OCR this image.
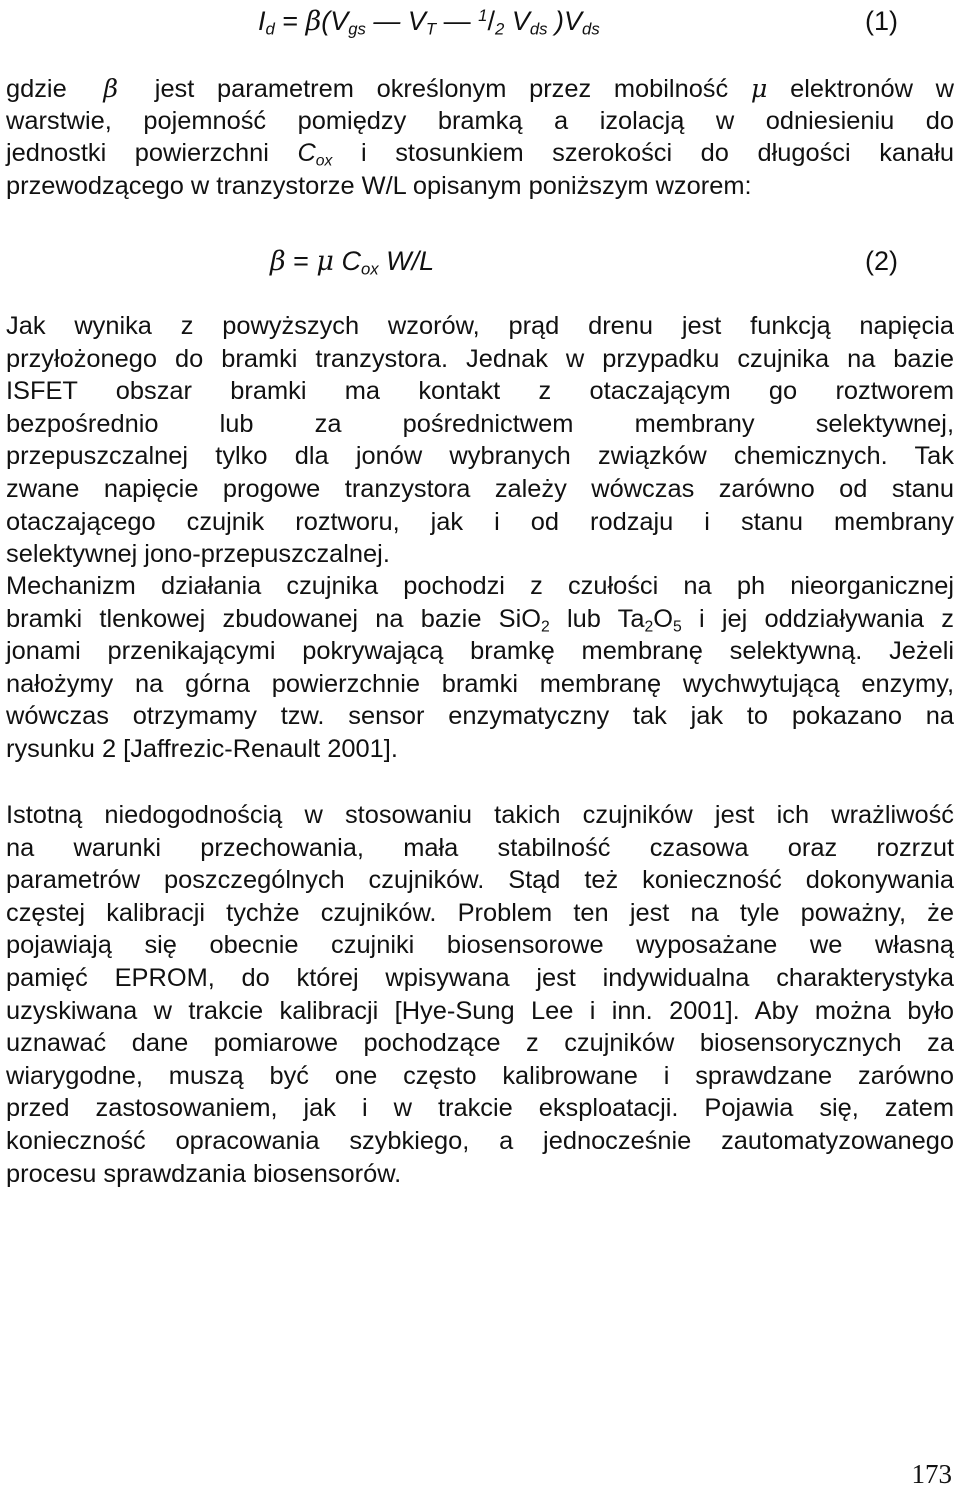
$I_d = \beta(V_{gs}$ — $V_T$ — $^1/_2$ $V_{ds}$ )$V_{ds}$	(1)
gdzie β jest parametrem określonym przez mobilność μ elektronów w
warstwie, pojemność pomiędzy bramką a izolacją w odniesieniu do
jednostki powierzchni $C_{ox}$ i stosunkiem szerokości do długości kanału
przewodzącego w tranzystorze W/L opisanym poniższym wzorem:
β = μ $C_{ox}$ W/L	(2)
Jak wynika z powyższych wzorów, prąd drenu jest funkcją napięcia
przyłożonego do bramki tranzystora. Jednak w przypadku czujnika na bazie
ISFET obszar bramki ma kontakt z otaczającym go roztworem
bezpośrednio lub za pośrednictwem membrany selektywnej,
przepuszczalnej tylko dla jonów wybranych związków chemicznych. Tak
zwane napięcie progowe tranzystora zależy wówczas zarówno od stanu
otaczającego czujnik roztworu, jak i od rodzaju i stanu membrany
selektywnej jono-przepuszczalnej.
Mechanizm działania czujnika pochodzi z czułości na ph nieorganicznej
bramki tlenkowej zbudowanej na bazie SiO$_2$ lub $Ta_2O_5$ i jej oddziaływania z
jonami przenikającymi pokrywającą bramkę membranę selektywną. Jeżeli
nałożymy na górna powierzchnie bramki membranę wychwytującą enzymy,
wówczas otrzymamy tzw. sensor enzymatyczny tak jak to pokazano na
rysunku 2 [Jaffrezic-Renault 2001].
Istotną niedogodnością w stosowaniu takich czujników jest ich wrażliwość
na warunki przechowania, mała stabilność czasowa oraz rozrzut
parametrów poszczególnych czujników. Stąd też konieczność dokonywania
częstej kalibracji tychże czujników. Problem ten jest na tyle poważny, że
pojawiają się obecnie czujniki biosensorowe wyposażane we własną
pamięć EPROM, do której wpisywana jest indywidualna charakterystyka
uzyskiwana w trakcie kalibracji [Hye-Sung Lee i inn. 2001]. Aby można było
uznawać dane pomiarowe pochodzące z czujników biosensorycznych za
wiarygodne, muszą być one często kalibrowane i sprawdzane zarówno
przed zastosowaniem, jak i w trakcie eksploatacji. Pojawia się, zatem
konieczność opracowania szybkiego, a jednocześnie zautomatyzowanego
procesu sprawdzania biosensorów.
173
